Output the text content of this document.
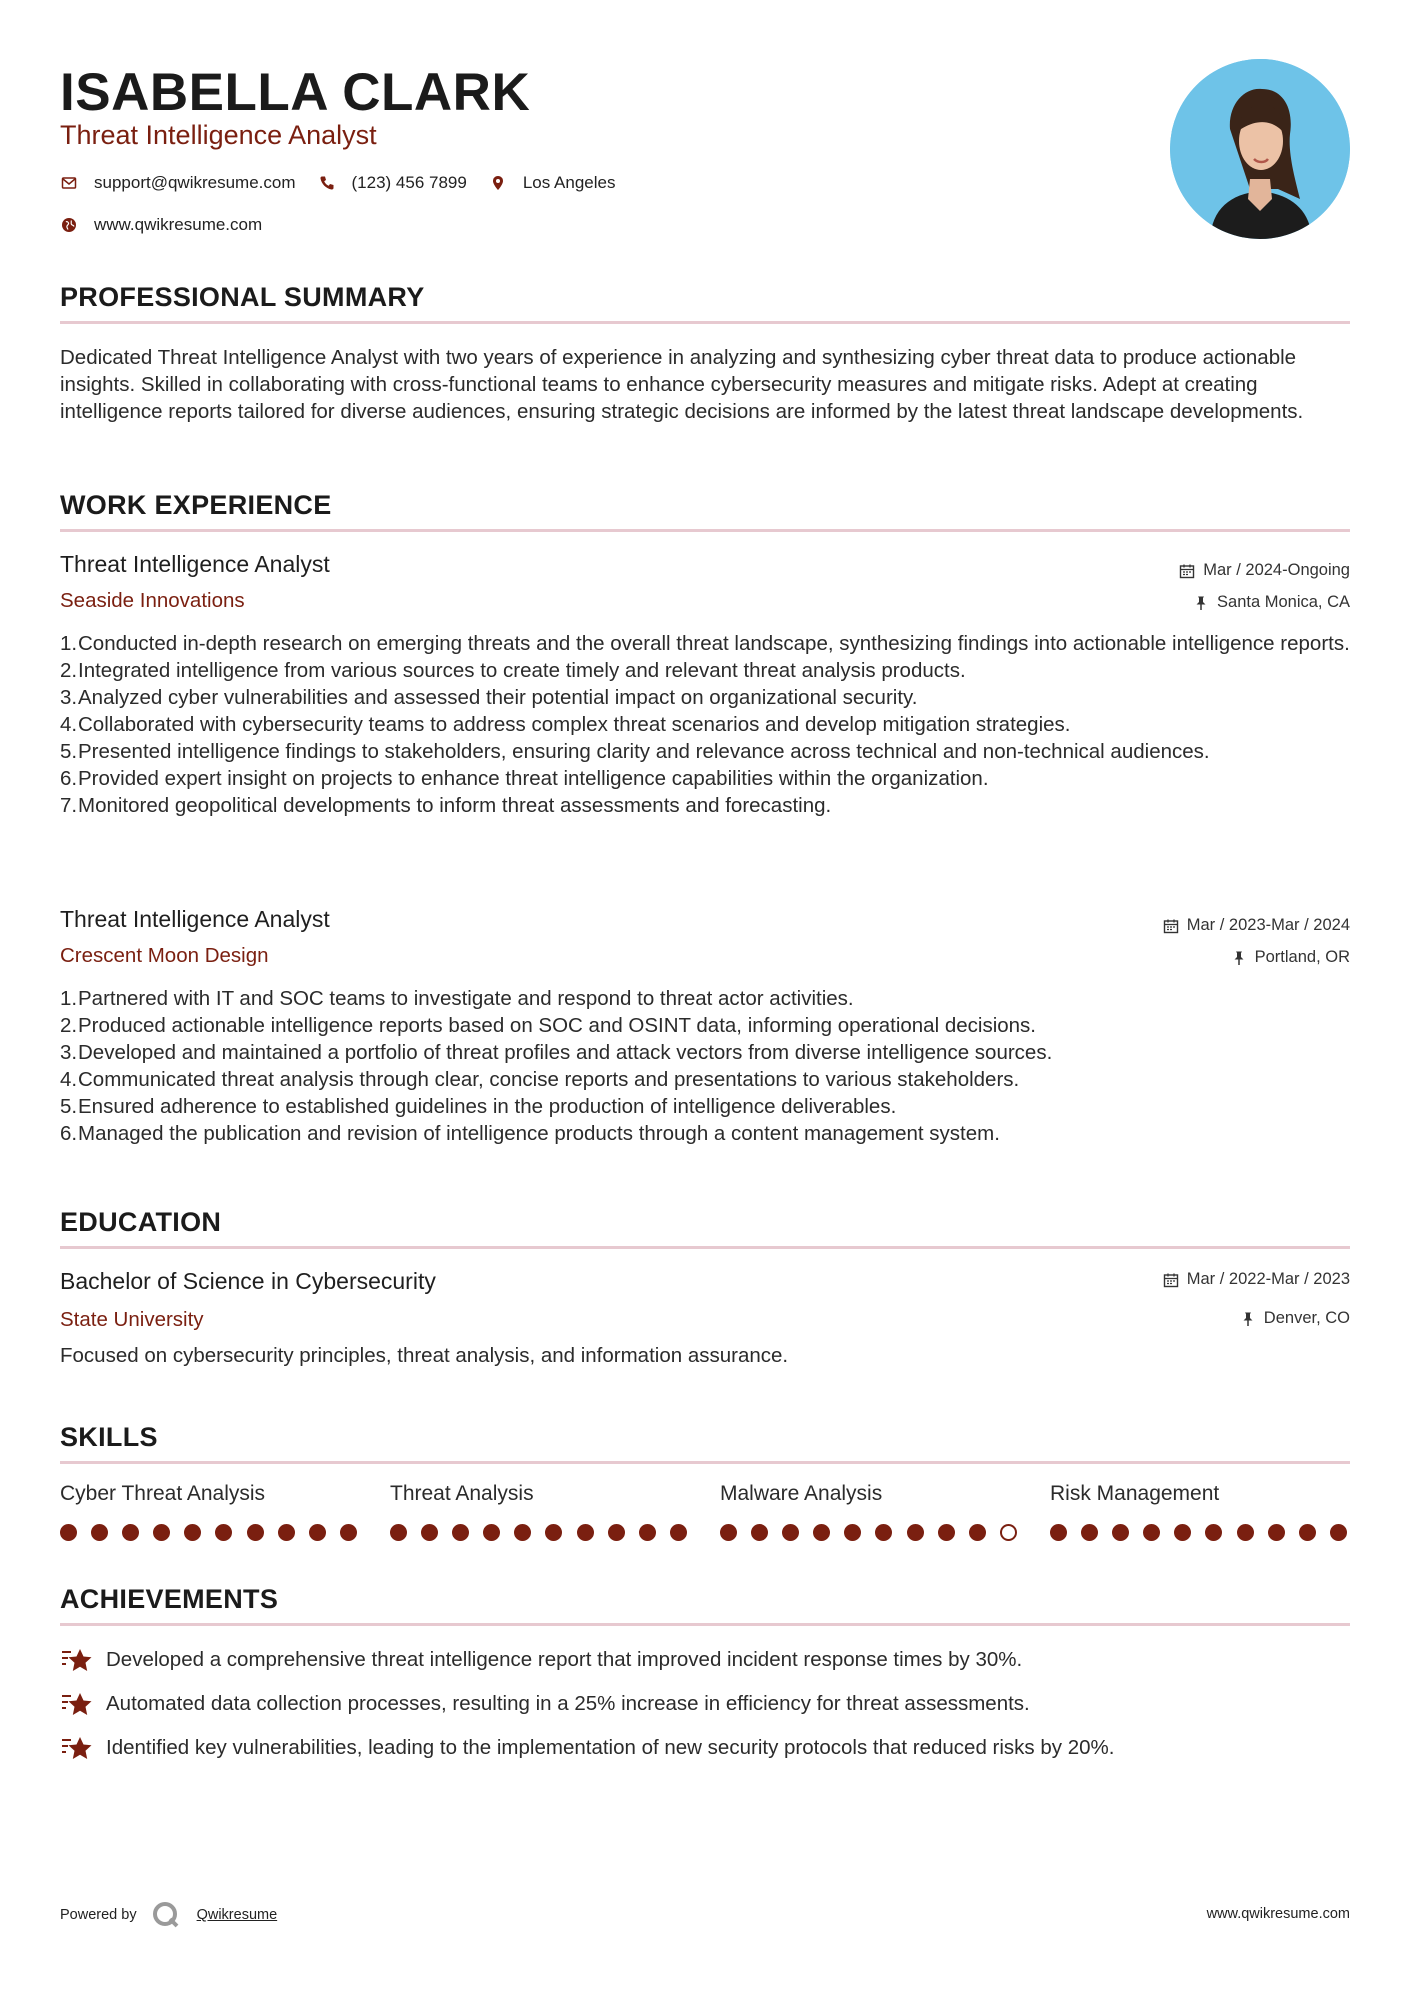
ISABELLA CLARK
Threat Intelligence Analyst
support@qwikresume.com	(123) 456 7899	Los Angeles
www.qwikresume.com
PROFESSIONAL SUMMARY
Dedicated Threat Intelligence Analyst with two years of experience in analyzing and synthesizing cyber threat data to produce actionable insights. Skilled in collaborating with cross-functional teams to enhance cybersecurity measures and mitigate risks. Adept at creating intelligence reports tailored for diverse audiences, ensuring strategic decisions are informed by the latest threat landscape developments.
WORK EXPERIENCE
Threat Intelligence Analyst	Mar / 2024-Ongoing
Seaside Innovations	Santa Monica, CA
Conducted in-depth research on emerging threats and the overall threat landscape, synthesizing findings into actionable intelligence reports.
Integrated intelligence from various sources to create timely and relevant threat analysis products.
Analyzed cyber vulnerabilities and assessed their potential impact on organizational security.
Collaborated with cybersecurity teams to address complex threat scenarios and develop mitigation strategies.
Presented intelligence findings to stakeholders, ensuring clarity and relevance across technical and non-technical audiences.
Provided expert insight on projects to enhance threat intelligence capabilities within the organization.
Monitored geopolitical developments to inform threat assessments and forecasting.
Threat Intelligence Analyst	Mar / 2023-Mar / 2024
Crescent Moon Design	Portland, OR
Partnered with IT and SOC teams to investigate and respond to threat actor activities.
Produced actionable intelligence reports based on SOC and OSINT data, informing operational decisions.
Developed and maintained a portfolio of threat profiles and attack vectors from diverse intelligence sources.
Communicated threat analysis through clear, concise reports and presentations to various stakeholders.
Ensured adherence to established guidelines in the production of intelligence deliverables.
Managed the publication and revision of intelligence products through a content management system.
EDUCATION
Bachelor of Science in Cybersecurity	Mar / 2022-Mar / 2023
State University	Denver, CO
Focused on cybersecurity principles, threat analysis, and information assurance.
SKILLS
Cyber Threat Analysis	Threat Analysis	Malware Analysis	Risk Management
ACHIEVEMENTS
Developed a comprehensive threat intelligence report that improved incident response times by 30%.
Automated data collection processes, resulting in a 25% increase in efficiency for threat assessments.
Identified key vulnerabilities, leading to the implementation of new security protocols that reduced risks by 20%.
Powered by	Qwikresume	www.qwikresume.com
